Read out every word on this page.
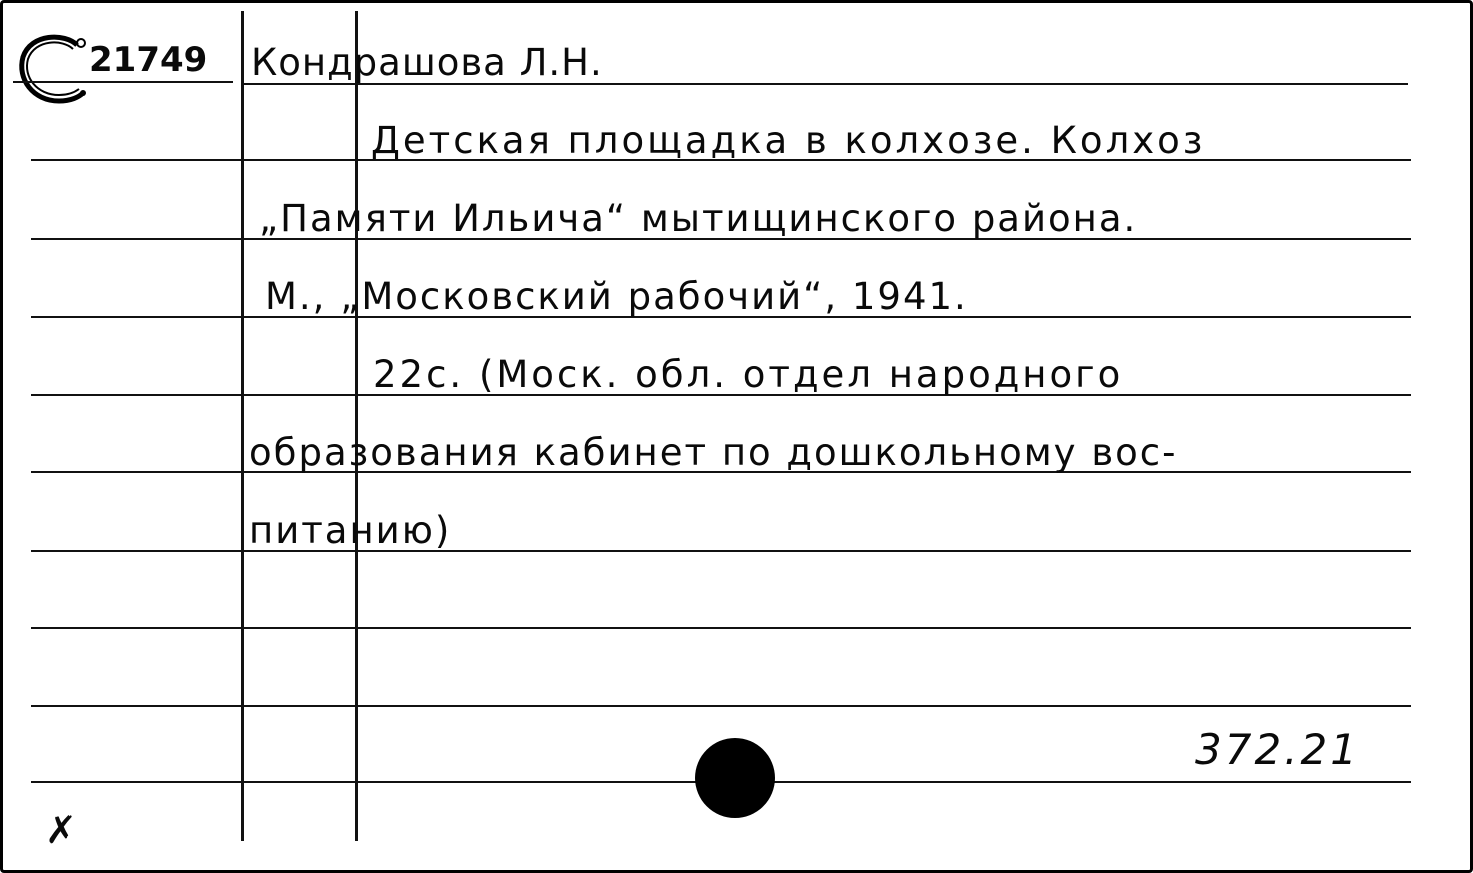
21749 Кондрашова Л.Н.
Детская площадка в колхозе. Колхоз
„Памяти Ильича“ мытищинского района.
М., „Московский рабочий“, 1941.
22с. (Моск. обл. отдел народного
образования кабинет по дошкольному вос-
питанию)
372.21
✗
